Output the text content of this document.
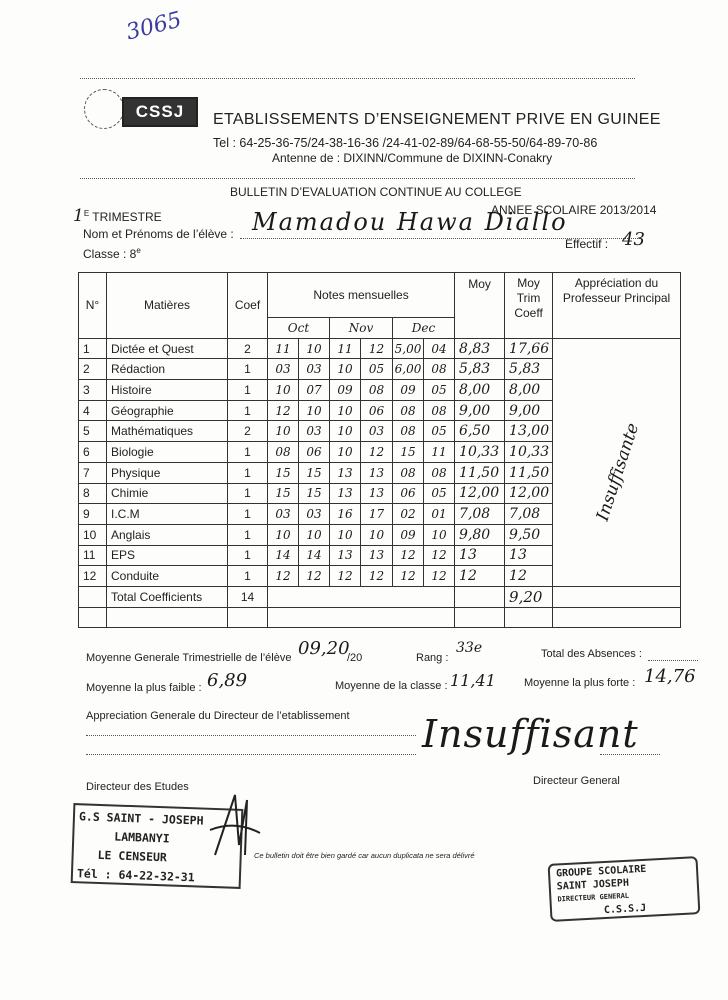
3065
CSSJ	ETABLISSEMENTS D’ENSEIGNEMENT PRIVE EN GUINEE
Tel : 64-25-36-75/24-38-16-36 /24-41-02-89/64-68-55-50/64-89-70-86
Antenne de : DIXINN/Commune de DIXINN-Conakry
BULLETIN D’EVALUATION CONTINUE AU COLLEGE
$1^E$ TRIMESTRE	ANNEE SCOLAIRE 2013/2014
Nom et Prénoms de l’élève : Mamadou Hawa Diallo
Classe : 8e	Effectif : 43
N°	Matières	Coef	Notes mensuelles						Moy	Moy Trim Coeff	Appréciation du Professeur Principal
			Oct		Nov		Dec				
1	Dictée et Quest	2	11	10	11	12	5,00	04	8,83	17,66	
2	Rédaction	1	03	03	10	05	6,00	08	5,83	5,83	
3	Histoire	1	10	07	09	08	09	05	8,00	8,00	
4	Géographie	1	12	10	10	06	08	08	9,00	9,00	
5	Mathématiques	2	10	03	10	03	08	05	6,50	13,00	
6	Biologie	1	08	06	10	12	15	11	10,33	10,33	
7	Physique	1	15	15	13	13	08	08	11,50	11,50	
8	Chimie	1	15	15	13	13	06	05	12,00	12,00	
9	I.C.M	1	03	03	16	17	02	01	7,08	7,08	
10	Anglais	1	10	10	10	10	09	10	9,80	9,50	
11	EPS	1	14	14	13	13	12	12	13	13	
12	Conduite	1	12	12	12	12	12	12	12	12	
	Total Coefficients	14								9,20	

Insuffisante
Moyenne Generale Trimestrielle de l’élève 09,20
/20	Rang :
33e	Total des Absences :
Moyenne la plus faible : 6,89	Moyenne de la classe : 11,41	Moyenne la plus forte : 14,76
Appreciation Generale du Directeur de l’etablissement Insuffisant
Directeur des Etudes	Directeur General
G.S SAINT - JOSEPH
LAMBANYI
LE CENSEUR
Tél : 64-22-32-31
Ce bulletin doit être bien gardé car aucun duplicata ne sera délivré
GROUPE SCOLAIRE
SAINT JOSEPH
DIRECTEUR GENERAL
C.S.S.J
